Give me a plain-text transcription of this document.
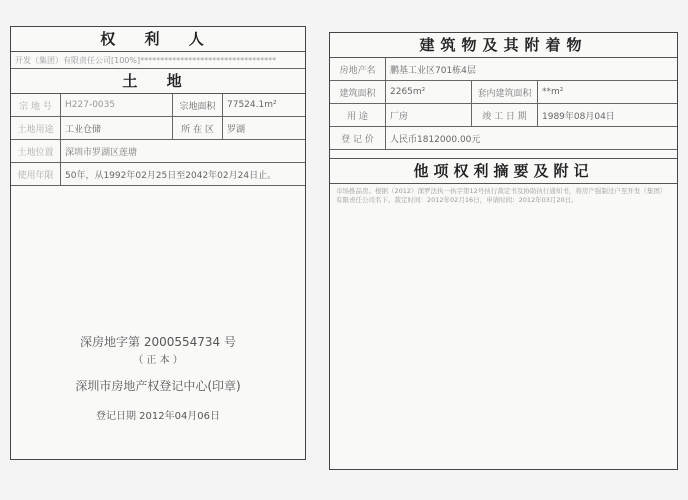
权 利 人
开发（集团）有限责任公司[100%]**********************************
土 地
宗 地 号	H227-0035	宗地面积	77524.1m²
土地用途	工业仓储	所 在 区	罗湖
土地位置	深圳市罗湖区莲塘
使用年限	50年，从1992年02月25日至2042年02月24日止。
深房地字第 2000554734 号
（ 正 本 ）
深圳市房地产权登记中心(印章)
登记日期 2012年04月06日
建筑物及其附着物
房地产名	鹏基工业区701栋4层
建筑面积	2265m²	套内建筑面积	**m²
用 途	厂房	竣 工 日 期	1989年08月04日
登 记 价	人民币1812000.00元
他项权利摘要及附记
市场推品房。根据（2012）深罗法执一执字第12号执行裁定书及协助执行通知书，将房产强制过户至开发（集团）有限责任公司名下。裁定时间：2012年02月16日，申请时间：2012年03月20日。
